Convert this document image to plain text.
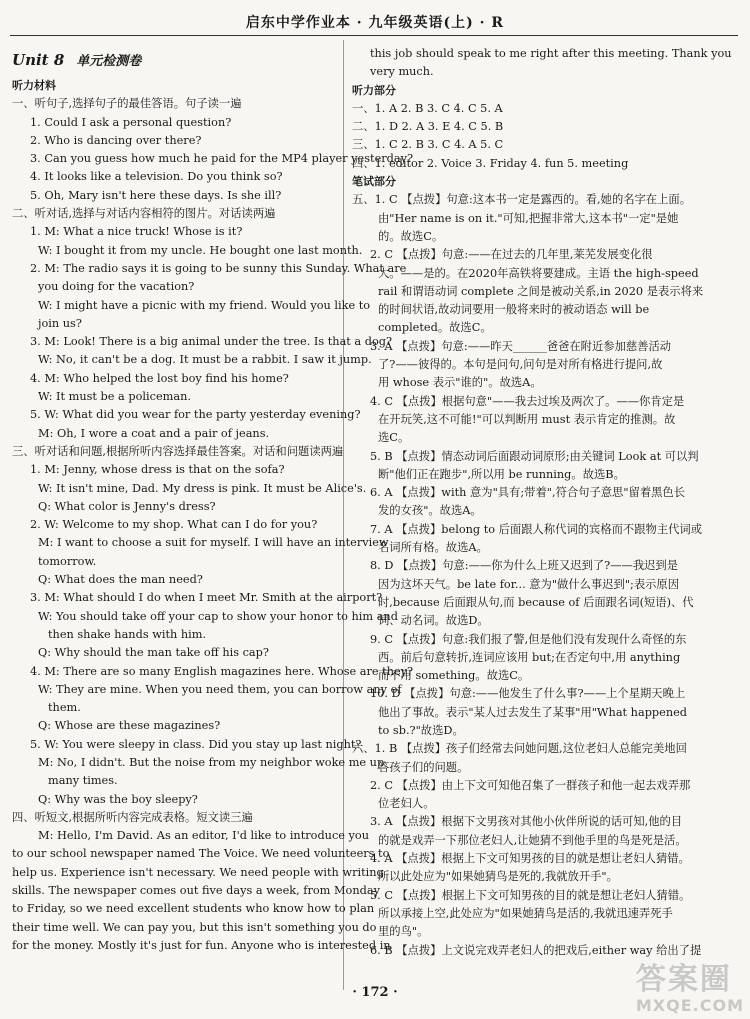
启东中学作业本 · 九年级英语(上) · R
Unit 8 单元检测卷
听力材料
一、听句子,选择句子的最佳答语。句子读一遍
1. Could I ask a personal question?
2. Who is dancing over there?
3. Can you guess how much he paid for the MP4 player yesterday?
4. It looks like a television. Do you think so?
5. Oh, Mary isn't here these days. Is she ill?
二、听对话,选择与对话内容相符的图片。对话读两遍
1. M: What a nice truck! Whose is it?
W: I bought it from my uncle. He bought one last month.
2. M: The radio says it is going to be sunny this Sunday. What are
you doing for the vacation?
W: I might have a picnic with my friend. Would you like to
join us?
3. M: Look! There is a big animal under the tree. Is that a dog?
W: No, it can't be a dog. It must be a rabbit. I saw it jump.
4. M: Who helped the lost boy find his home?
W: It must be a policeman.
5. W: What did you wear for the party yesterday evening?
M: Oh, I wore a coat and a pair of jeans.
三、听对话和问题,根据所听内容选择最佳答案。对话和问题读两遍
1. M: Jenny, whose dress is that on the sofa?
W: It isn't mine, Dad. My dress is pink. It must be Alice's.
Q: What color is Jenny's dress?
2. W: Welcome to my shop. What can I do for you?
M: I want to choose a suit for myself. I will have an interview
tomorrow.
Q: What does the man need?
3. M: What should I do when I meet Mr. Smith at the airport?
W: You should take off your cap to show your honor to him and
then shake hands with him.
Q: Why should the man take off his cap?
4. M: There are so many English magazines here. Whose are they?
W: They are mine. When you need them, you can borrow any of
them.
Q: Whose are these magazines?
5. W: You were sleepy in class. Did you stay up last night?
M: No, I didn't. But the noise from my neighbor woke me up
many times.
Q: Why was the boy sleepy?
四、听短文,根据所听内容完成表格。短文读三遍
M: Hello, I'm David. As an editor, I'd like to introduce you
to our school newspaper named The Voice. We need volunteers to
help us. Experience isn't necessary. We need people with writing
skills. The newspaper comes out five days a week, from Monday
to Friday, so we need excellent students who know how to plan
their time well. We can pay you, but this isn't something you do
for the money. Mostly it's just for fun. Anyone who is interested in
this job should speak to me right after this meeting. Thank you
very much.
听力部分
一、1. A 2. B 3. C 4. C 5. A
二、1. D 2. A 3. E 4. C 5. B
三、1. C 2. B 3. C 4. A 5. C
四、1. editor 2. Voice 3. Friday 4. fun 5. meeting
笔试部分
五、1. C 【点拨】句意:这本书一定是露西的。看,她的名字在上面。
由"Her name is on it."可知,把握非常大,这本书"一定"是她
的。故选C。
2. C 【点拨】句意:——在过去的几年里,莱芜发展变化很
大。——是的。在2020年高铁将要建成。主语 the high-speed
rail 和谓语动词 complete 之间是被动关系,in 2020 是表示将来
的时间状语,故动词要用一般将来时的被动语态 will be
completed。故选C。
3. A 【点拨】句意:——昨天______爸爸在附近参加慈善活动
了?——彼得的。本句是问句,问句是对所有格进行提问,故
用 whose 表示"谁的"。故选A。
4. C 【点拨】根据句意"——我去过埃及两次了。——你肯定是
在开玩笑,这不可能!"可以判断用 must 表示肯定的推测。故
选C。
5. B 【点拨】情态动词后面跟动词原形;由关键词 Look at 可以判
断"他们正在跑步",所以用 be running。故选B。
6. A 【点拨】with 意为"具有;带着",符合句子意思"留着黑色长
发的女孩"。故选A。
7. A 【点拨】belong to 后面跟人称代词的宾格而不跟物主代词或
名词所有格。故选A。
8. D 【点拨】句意:——你为什么上班又迟到了?——我迟到是
因为这坏天气。be late for... 意为"做什么事迟到";表示原因
时,because 后面跟从句,而 because of 后面跟名词(短语)、代
词、动名词。故选D。
9. C 【点拨】句意:我们报了警,但是他们没有发现什么奇怪的东
西。前后句意转折,连词应该用 but;在否定句中,用 anything
而不用 something。故选C。
10. D 【点拨】句意:——他发生了什么事?——上个星期天晚上
他出了事故。表示"某人过去发生了某事"用"What happened
to sb.?"故选D。
六、1. B 【点拨】孩子们经常去问她问题,这位老妇人总能完美地回
答孩子们的问题。
2. C 【点拨】由上下文可知他召集了一群孩子和他一起去戏弄那
位老妇人。
3. A 【点拨】根据下文男孩对其他小伙伴所说的话可知,他的目
的就是戏弄一下那位老妇人,让她猜不到他手里的鸟是死是活。
4. A 【点拨】根据上下文可知男孩的目的就是想让老妇人猜错。
所以此处应为"如果她猜鸟是死的,我就放开手"。
5. C 【点拨】根据上下文可知男孩的目的就是想让老妇人猜错。
所以承接上空,此处应为"如果她猜鸟是活的,我就迅速弄死手
里的鸟"。
6. B 【点拨】上文说完戏弄老妇人的把戏后,either way 给出了提
· 172 ·	答案圈
MXQE.COM
